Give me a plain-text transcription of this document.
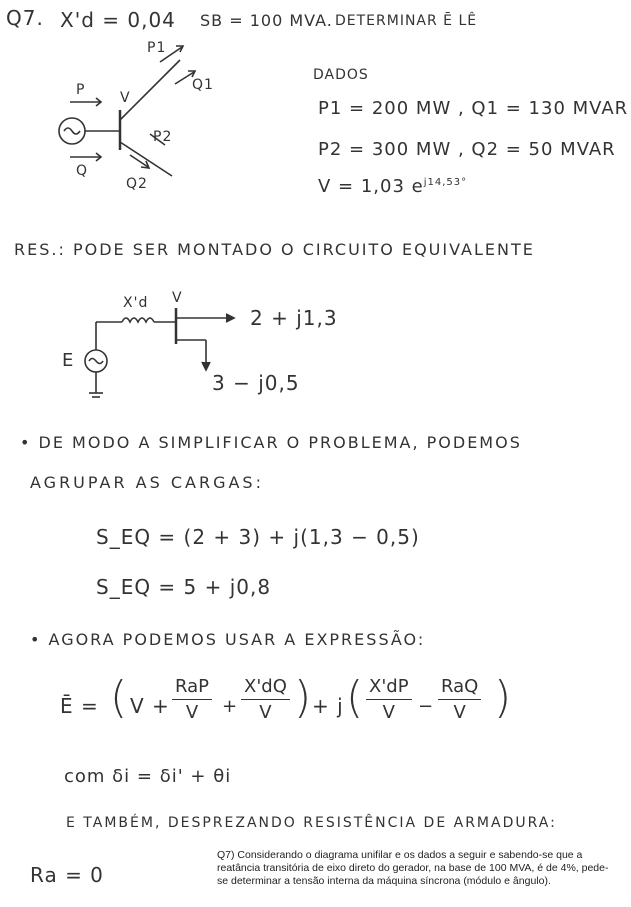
Q7. X'd = 0,04 SB = 100 MVA. DETERMINAR Ē LÊ
P
Q
V
P1
Q1
P2
Q2
DADOS
P1 = 200 MW , Q1 = 130 MVAR
P2 = 300 MW , Q2 = 50 MVAR
V = 1,03 $e^{j14,53^\circ}$
RES.: PODE SER MONTADO O CIRCUITO EQUIVALENTE
X'd V
E
2 + j1,3
3 − j0,5
• DE MODO A SIMPLIFICAR O PROBLEMA, PODEMOS
AGRUPAR AS CARGAS:
S_EQ = (2 + 3) + j(1,3 − 0,5)
S_EQ = 5 + j0,8
• AGORA PODEMOS USAR A EXPRESSÃO:
Ē = ( V +
RaP
$V + \frac{X'dQ}{V}$ ) + j ( $\frac{X'dP}{V}$ −
RaQ
V )
com δi = δi' + θi
E TAMBÉM, DESPREZANDO RESISTÊNCIA DE ARMADURA:
Ra = 0
Q7) Considerando o diagrama unifilar e os dados a seguir e sabendo-se que a reatância transitória de eixo direto do gerador, na base de 100 MVA, é de 4%, pede-se determinar a tensão interna da máquina síncrona (módulo e ângulo).
